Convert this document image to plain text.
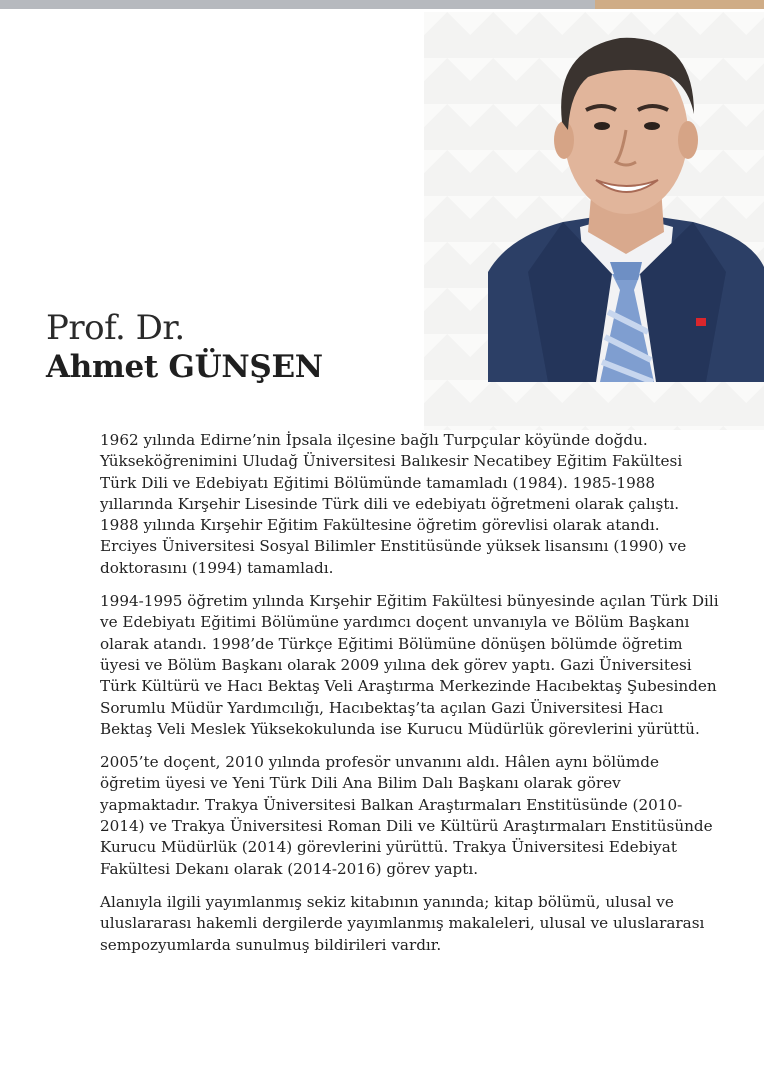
Prof. Dr.
Ahmet GÜNŞEN

1962 yılında Edirne’nin İpsala ilçesine bağlı Turpçular köyünde doğdu. Yükseköğrenimini Uludağ Üniversitesi Balıkesir Necatibey Eğitim Fakültesi Türk Dili ve Edebiyatı Eğitimi Bölümünde tamamladı (1984). 1985-1988 yıllarında Kırşehir Lisesinde Türk dili ve edebiyatı öğretmeni olarak çalıştı. 1988 yılında Kırşehir Eğitim Fakültesine öğretim görevlisi olarak atandı. Erciyes Üniversitesi Sosyal Bilimler Enstitüsünde yüksek lisansını (1990) ve doktorasını (1994) tamamladı.

1994-1995 öğretim yılında Kırşehir Eğitim Fakültesi bünyesinde açılan Türk Dili ve Edebiyatı Eğitimi Bölümüne yardımcı doçent unvanıyla ve Bölüm Başkanı olarak atandı. 1998’de Türkçe Eğitimi Bölümüne dönüşen bölümde öğretim üyesi ve Bölüm Başkanı olarak 2009 yılına dek görev yaptı. Gazi Üniversitesi Türk Kültürü ve Hacı Bektaş Veli Araştırma Merkezinde Hacıbektaş Şubesinden Sorumlu Müdür Yardımcılığı, Hacıbektaş’ta açılan Gazi Üniversitesi Hacı Bektaş Veli Meslek Yüksekokulunda ise Kurucu Müdürlük görevlerini yürüttü.

2005’te doçent, 2010 yılında profesör unvanını aldı. Hâlen aynı bölümde öğretim üyesi ve Yeni Türk Dili Ana Bilim Dalı Başkanı olarak görev yapmaktadır. Trakya Üniversitesi Balkan Araştırmaları Enstitüsünde (2010-2014) ve Trakya Üniversitesi Roman Dili ve Kültürü Araştırmaları Enstitüsünde Kurucu Müdürlük (2014) görevlerini yürüttü. Trakya Üniversitesi Edebiyat Fakültesi Dekanı olarak (2014-2016) görev yaptı.

Alanıyla ilgili yayımlanmış sekiz kitabının yanında; kitap bölümü, ulusal ve uluslararası hakemli dergilerde yayımlanmış makaleleri, ulusal ve uluslararası sempozyumlarda sunulmuş bildirileri vardır.
